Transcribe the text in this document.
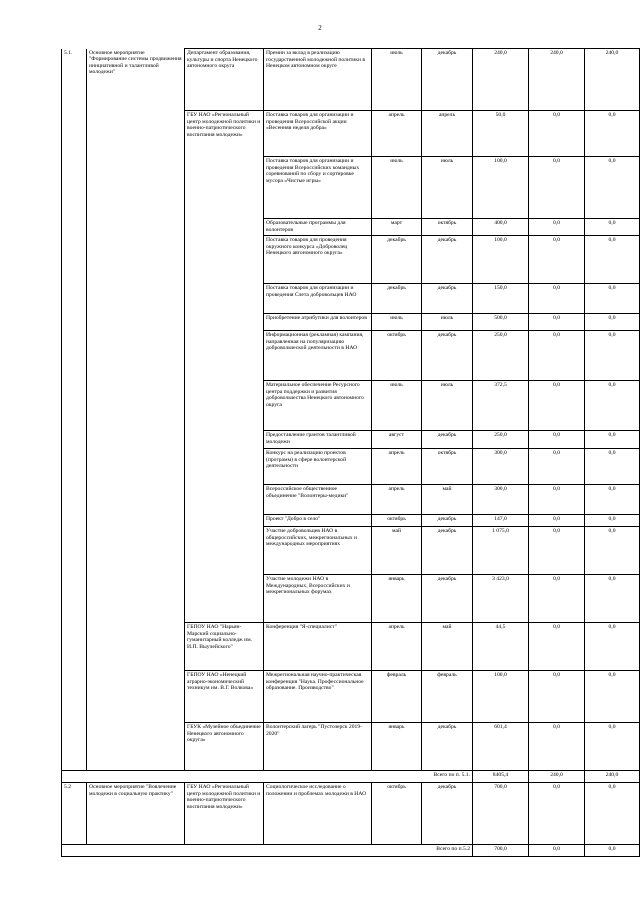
2
5.1.	Основное мероприятие "Формирование системы продвижения инициативной и талантливой молодежи"	Департамент образования, культуры и спорта Ненецкого автономного округа	Премии за вклад в реализацию государственной молодежной политики в Ненецком автономном округе	июль	декабрь	240,0	240,0	240,0
		ГБУ НАО «Региональный центр молодежной политики и военно-патриотического воспитания молодежи»	Поставка товаров для организации и проведения Всероссийской акции «Весенняя неделя добра»	апрель	апрель	50,0	0,0	0,0
			Поставка товаров для организации и проведения Всероссийских командных соревнований по сбору и сортировке мусора «Чистые игры»	июль	июль	100,0	0,0	0,0
			Образовательные программы для волонтеров	март	октябрь	400,0	0,0	0,0
			Поставка товаров для проведения окружного конкурса «Доброволец Ненецкого автономного округа»	декабрь	декабрь	100,0	0,0	0,0
			Поставка товаров для организации и проведения Слета добровольцев НАО	декабрь	декабрь	150,0	0,0	0,0
			Приобретение атрибутики для волонтеров	июль	июль	500,0	0,0	0,0
			Информационная (рекламная) кампания, направленная на популяризацию добровольческой деятельности в НАО	октябрь	декабрь	250,0	0,0	0,0
			Материальное обеспечение Ресурсного центра поддержки и развития добровольчества Ненецкого автономного округа	июль	июль	372,5	0,0	0,0
			Предоставление грантов талантливой молодежи	август	декабрь	250,0	0,0	0,0
			Конкурс на реализацию проектов (программ) в сфере волонтерской деятельности	апрель	октябрь	300,0	0,0	0,0
			Всероссийское общественное объединение "Волонтеры-медики"	апрель	май	300,0	0,0	0,0
			Проект "Добро в село"	октябрь	декабрь	147,0	0,0	0,0
			Участие добровольцев НАО в общероссийских, межрегиональных и международных мероприятиях	май	декабрь	1 075,0	0,0	0,0
			Участие молодежи НАО в Международных, Всероссийских и межрегиональных форумах	январь	декабрь	3 423,0	0,0	0,0
		ГБПОУ НАО "Нарьян-Марский социально-гуманитарный колледж им. И.П. Выучейского"	Конференция "Я-специалист"	апрель	май	44,5	0,0	0,0
		ГБПОУ НАО «Ненецкий аграрно-экономический техникум им. В.Г. Волкова»	Межрегиональная научно-практическая конференция "Наука. Профессиональное образование. Производство"	февраль	февраль	100,0	0,0	0,0
		ГБУК «Музейное объединение Ненецкого автономного округа»	Волонтерский лагерь "Пустозерск 2019-2020"	январь	декабрь	601,4	0,0	0,0
			Всего по п. 5.1.			8405,4	240,0	240,0
5.2	Основное мероприятие "Вовлечение молодежи в социальную практику"	ГБУ НАО «Региональный центр молодежной политики и военно-патриотического воспитания молодежи»	Социологическое исследование о положении и проблемах молодежи в НАО	октябрь	декабрь	700,0	0,0	0,0
			Всего по п.5.2			700,0	0,0	0,0
